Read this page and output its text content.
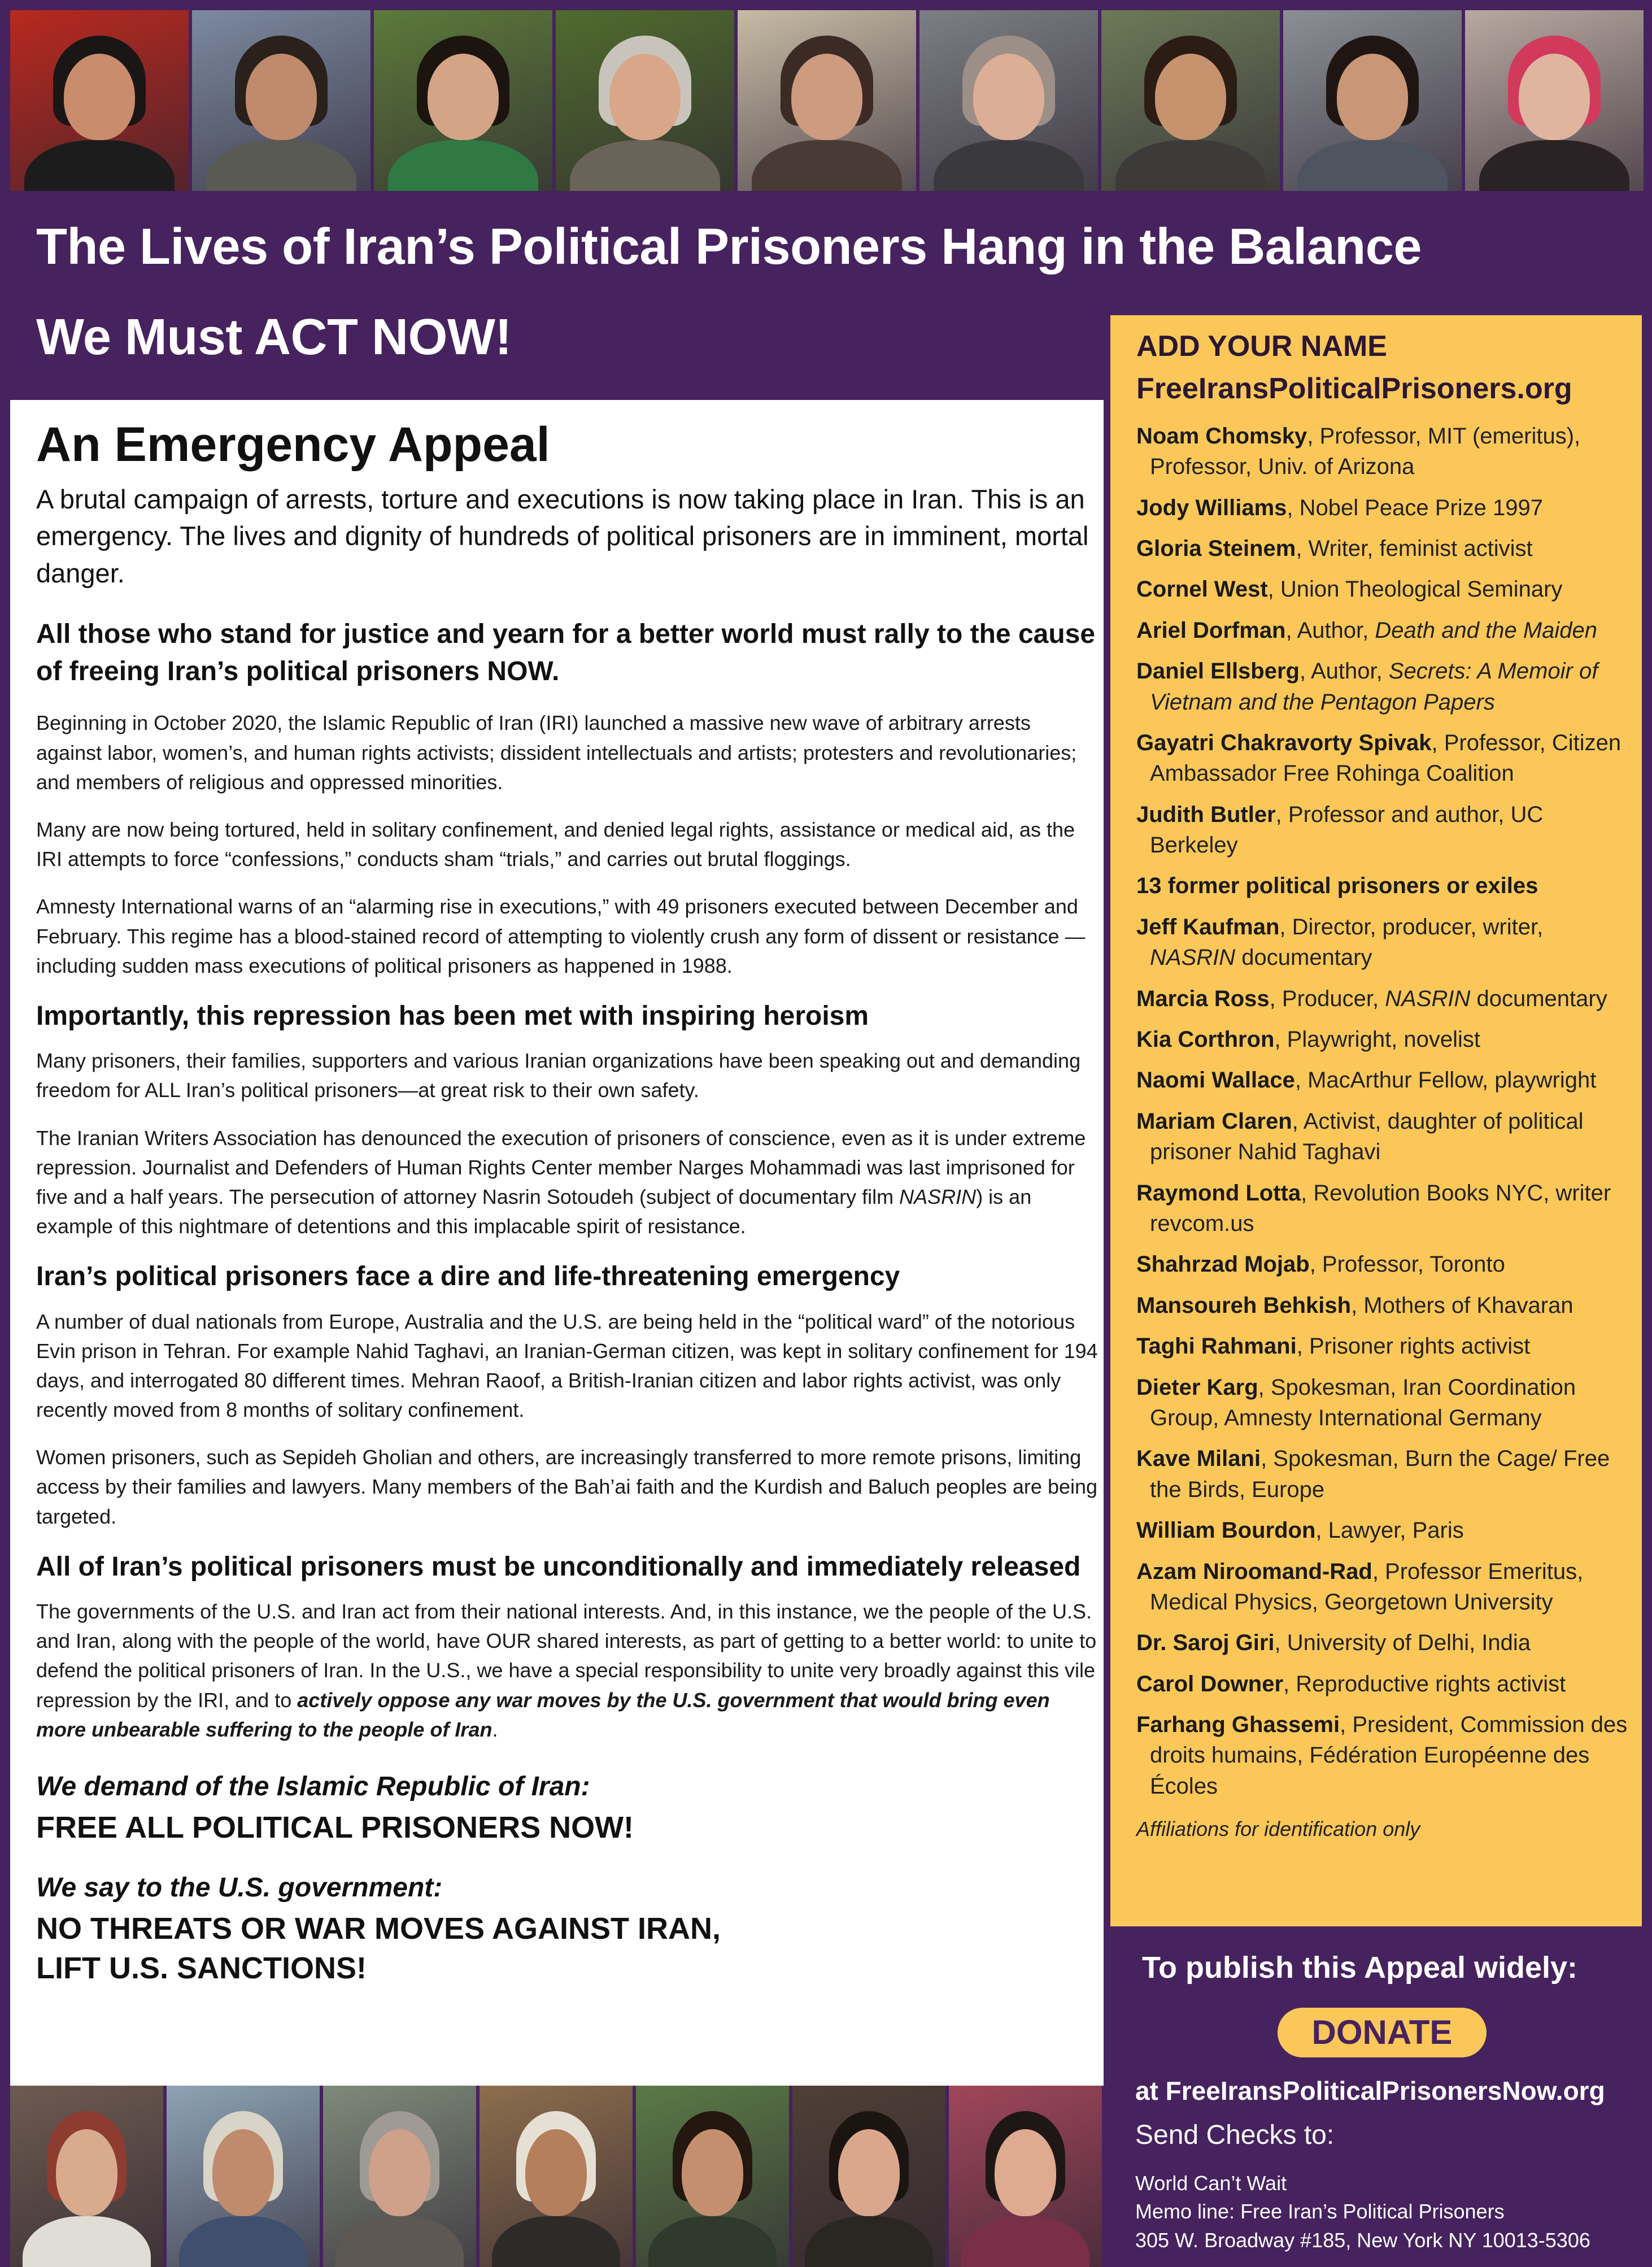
The Lives of Iran’s Political Prisoners Hang in the Balance
We Must ACT NOW!
An Emergency Appeal

A brutal campaign of arrests, torture and executions is now taking place in Iran. This is an emergency. The lives and dignity of hundreds of political prisoners are in imminent, mortal danger.

All those who stand for justice and yearn for a better world must rally to the cause of freeing Iran’s political prisoners NOW.

Beginning in October 2020, the Islamic Republic of Iran (IRI) launched a massive new wave of arbitrary arrests against labor, women’s, and human rights activists; dissident intellectuals and artists; protesters and revolutionaries; and members of religious and oppressed minorities.

Many are now being tortured, held in solitary confinement, and denied legal rights, assistance or medical aid, as the IRI attempts to force “confessions,” conducts sham “trials,” and carries out brutal floggings.

Amnesty International warns of an “alarming rise in executions,” with 49 prisoners executed between December and February. This regime has a blood-stained record of attempting to violently crush any form of dissent or resistance — including sudden mass executions of political prisoners as happened in 1988.

Importantly, this repression has been met with inspiring heroism

Many prisoners, their families, supporters and various Iranian organizations have been speaking out and demanding freedom for ALL Iran’s political prisoners—at great risk to their own safety.

The Iranian Writers Association has denounced the execution of prisoners of conscience, even as it is under extreme repression. Journalist and Defenders of Human Rights Center member Narges Mohammadi was last imprisoned for five and a half years. The persecution of attorney Nasrin Sotoudeh (subject of documentary film NASRIN) is an example of this nightmare of detentions and this implacable spirit of resistance.

Iran’s political prisoners face a dire and life-threatening emergency

A number of dual nationals from Europe, Australia and the U.S. are being held in the “political ward” of the notorious Evin prison in Tehran. For example Nahid Taghavi, an Iranian-German citizen, was kept in solitary confinement for 194 days, and interrogated 80 different times. Mehran Raoof, a British-Iranian citizen and labor rights activist, was only recently moved from 8 months of solitary confinement.

Women prisoners, such as Sepideh Gholian and others, are increasingly transferred to more remote prisons, limiting access by their families and lawyers. Many members of the Bah’ai faith and the Kurdish and Baluch peoples are being targeted.

All of Iran’s political prisoners must be unconditionally and immediately released

The governments of the U.S. and Iran act from their national interests. And, in this instance, we the people of the U.S. and Iran, along with the people of the world, have OUR shared interests, as part of getting to a better world: to unite to defend the political prisoners of Iran. In the U.S., we have a special responsibility to unite very broadly against this vile repression by the IRI, and to actively oppose any war moves by the U.S. government that would bring even more unbearable suffering to the people of Iran.

We demand of the Islamic Republic of Iran:

FREE ALL POLITICAL PRISONERS NOW!

We say to the U.S. government:

NO THREATS OR WAR MOVES AGAINST IRAN,

LIFT U.S. SANCTIONS!

ADD YOUR NAME
FreeIransPoliticalPrisoners.org
Noam Chomsky, Professor, MIT (emeritus), Professor, Univ. of Arizona
Jody Williams, Nobel Peace Prize 1997
Gloria Steinem, Writer, feminist activist
Cornel West, Union Theological Seminary
Ariel Dorfman, Author, Death and the Maiden
Daniel Ellsberg, Author, Secrets: A Memoir of Vietnam and the Pentagon Papers
Gayatri Chakravorty Spivak, Professor, Citizen Ambassador Free Rohinga Coalition
Judith Butler, Professor and author, UC Berkeley
13 former political prisoners or exiles
Jeff Kaufman, Director, producer, writer, NASRIN documentary
Marcia Ross, Producer, NASRIN documentary
Kia Corthron, Playwright, novelist
Naomi Wallace, MacArthur Fellow, playwright
Mariam Claren, Activist, daughter of political prisoner Nahid Taghavi
Raymond Lotta, Revolution Books NYC, writer revcom.us
Shahrzad Mojab, Professor, Toronto
Mansoureh Behkish, Mothers of Khavaran
Taghi Rahmani, Prisoner rights activist
Dieter Karg, Spokesman, Iran Coordination Group, Amnesty International Germany
Kave Milani, Spokesman, Burn the Cage/ Free the Birds, Europe
William Bourdon, Lawyer, Paris
Azam Niroomand-Rad, Professor Emeritus, Medical Physics, Georgetown University
Dr. Saroj Giri, University of Delhi, India
Carol Downer, Reproductive rights activist
Farhang Ghassemi, President, Commission des droits humains, Fédération Européenne des Écoles
Affiliations for identification only
To publish this Appeal widely:
DONATE
at FreeIransPoliticalPrisonersNow.org
Send Checks to:
World Can’t Wait
Memo line: Free Iran’s Political Prisoners
305 W. Broadway #185, New York NY 10013-5306
